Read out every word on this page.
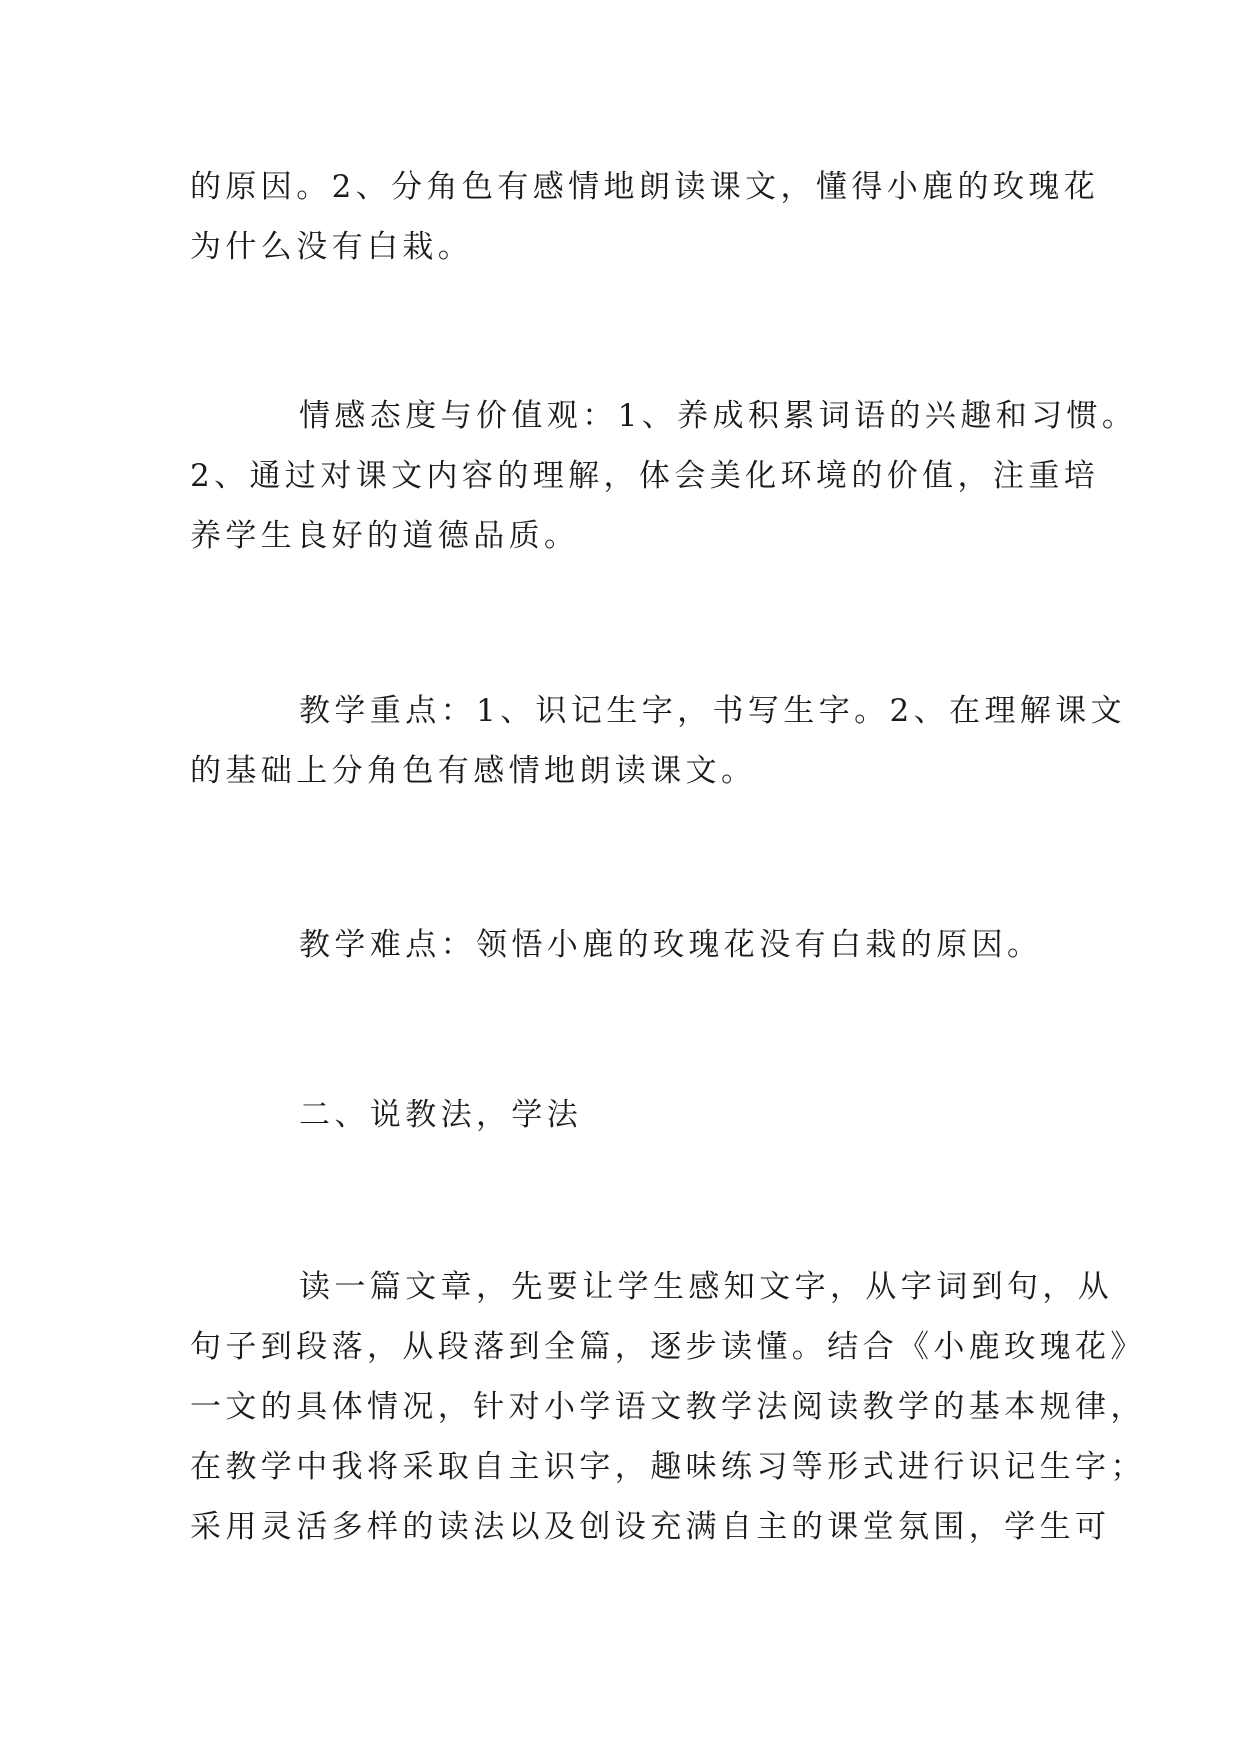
的原因。2、分角色有感情地朗读课文，懂得小鹿的玫瑰花
为什么没有白栽。

情感态度与价值观：1、养成积累词语的兴趣和习惯。
2、通过对课文内容的理解，体会美化环境的价值，注重培
养学生良好的道德品质。

教学重点：1、识记生字，书写生字。2、在理解课文
的基础上分角色有感情地朗读课文。

教学难点：领悟小鹿的玫瑰花没有白栽的原因。

二、说教法，学法

读一篇文章，先要让学生感知文字，从字词到句，从
句子到段落，从段落到全篇，逐步读懂。结合《小鹿玫瑰花》
一文的具体情况，针对小学语文教学法阅读教学的基本规律，
在教学中我将采取自主识字，趣味练习等形式进行识记生字；
采用灵活多样的读法以及创设充满自主的课堂氛围，学生可
